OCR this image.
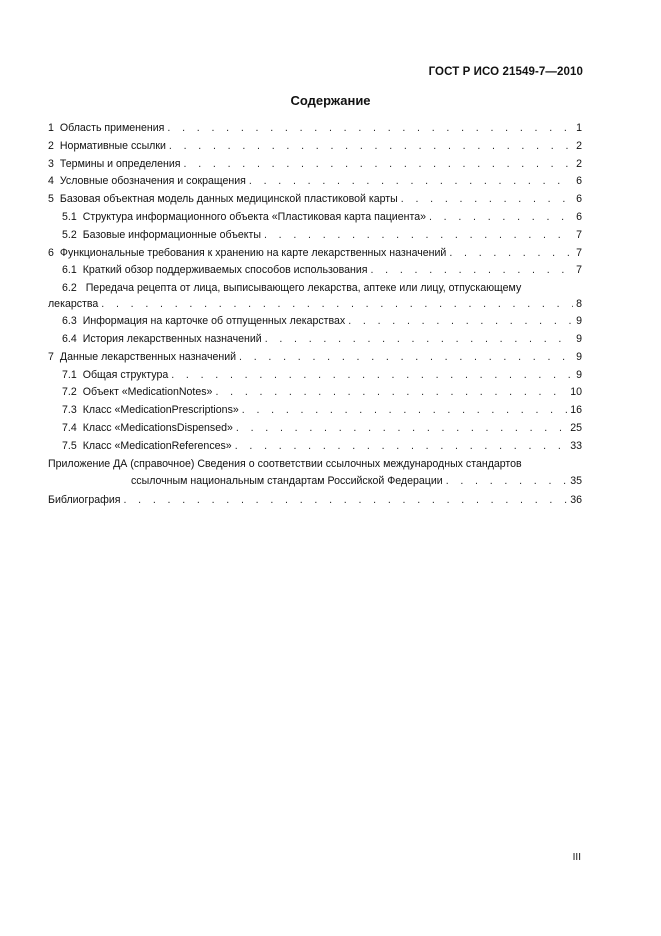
ГОСТ Р ИСО 21549-7—2010
Содержание
1 Область применения . . .	1
2 Нормативные ссылки . . .	2
3 Термины и определения . . .	2
4 Условные обозначения и сокращения . . .	6
5 Базовая объектная модель данных медицинской пластиковой карты . . .	6
5.1 Структура информационного объекта «Пластиковая карта пациента» . . .	6
5.2 Базовые информационные объекты . . .	7
6 Функциональные требования к хранению на карте лекарственных назначений . . .	7
6.1 Краткий обзор поддерживаемых способов использования . . .	7
6.2 Передача рецепта от лица, выписывающего лекарства, аптеке или лицу, отпускающему
лекарства . . .	8
6.3 Информация на карточке об отпущенных лекарствах . . .	9
6.4 История лекарственных назначений . . .	9
7 Данные лекарственных назначений . . .	9
7.1 Общая структура . . .	9
7.2 Объект «MedicationNotes» . . .	10
7.3 Класс «MedicationPrescriptions» . . .	16
7.4 Класс «MedicationsDispensed» . . .	25
7.5 Класс «MedicationReferences» . . .	33
Приложение ДА (справочное) Сведения о соответствии ссылочных международных стандартов
ссылочным национальным стандартам Российской Федерации . . .	35
Библиография . . .	36
III
